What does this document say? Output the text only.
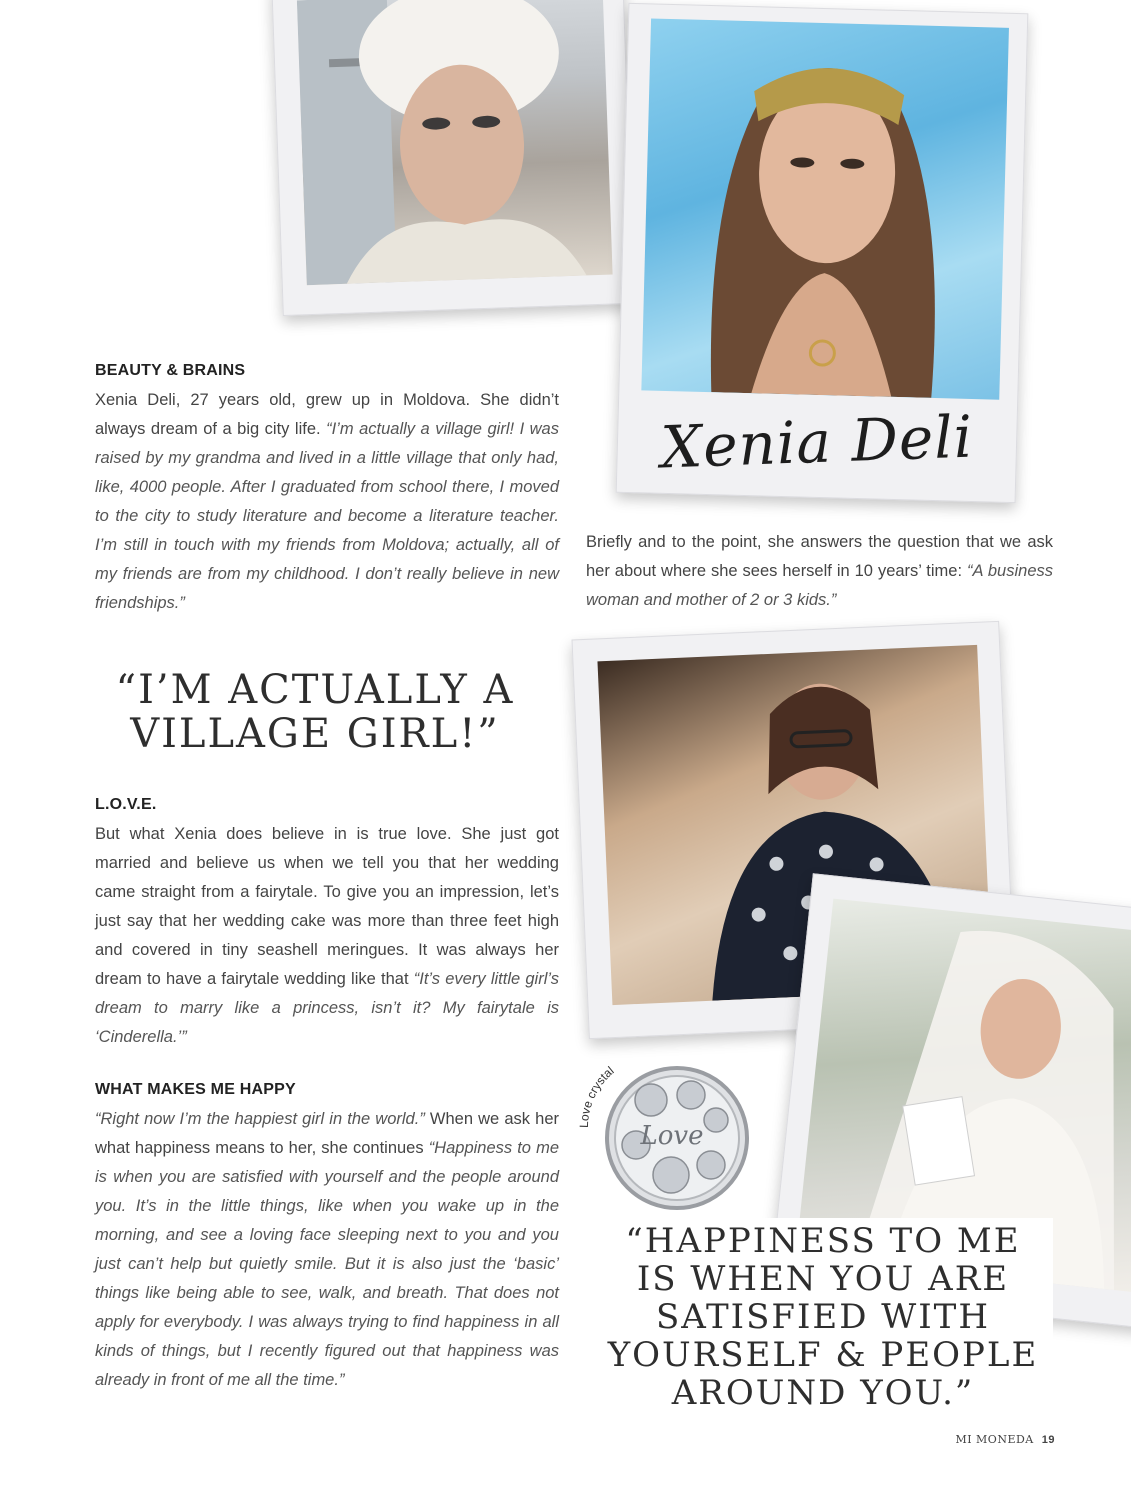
Xenia Deli
BEAUTY & BRAINS

Xenia Deli, 27 years old, grew up in Moldova. She didn’t always dream of a big city life. “I’m actually a village girl! I was raised by my grandma and lived in a little village that only had, like, 4000 people. After I graduated from school there, I moved to the city to study literature and become a literature teacher. I’m still in touch with my friends from Moldova; actually, all of my friends are from my childhood. I don’t really believe in new friendships.”

Briefly and to the point, she answers the question that we ask her about where she sees herself in 10 years’ time: “A business woman and mother of 2 or 3 kids.”

“I’M ACTUALLY A
VILLAGE GIRL!”
L.O.V.E.

But what Xenia does believe in is true love. She just got married and believe us when we tell you that her wedding came straight from a fairytale. To give you an impression, let’s just say that her wedding cake was more than three feet high and covered in tiny seashell meringues. It was always her dream to have a fairytale wedding like that “It’s every little girl’s dream to marry like a princess, isn’t it? My fairytale is ‘Cinderella.’”

WHAT MAKES ME HAPPY

“Right now I’m the happiest girl in the world.” When we ask her what happiness means to her, she continues “Happiness to me is when you are satisfied with yourself and the people around you. It’s in the little things, like when you wake up in the morning, and see a loving face sleeping next to you and you just can’t help but quietly smile. But it is also just the ‘basic’ things like being able to see, walk, and breath. That does not apply for everybody. I was always trying to find happiness in all kinds of things, but I recently figured out that happiness was already in front of me all the time.”

Love crystal
Love
“HAPPINESS TO ME
IS WHEN YOU ARE
SATISFIED WITH
YOURSELF & PEOPLE
AROUND YOU.”
MI MONEDA 19
